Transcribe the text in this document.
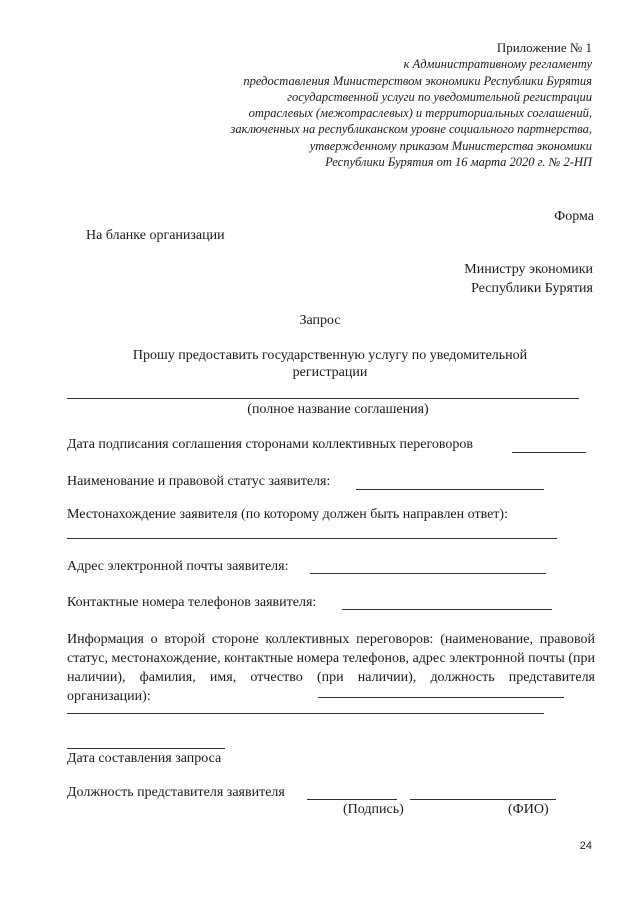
Приложение № 1
к Административному регламенту
предоставления Министерством экономики Республики Бурятия
государственной услуги по уведомительной регистрации
отраслевых (межотраслевых) и территориальных соглашений,
заключенных на республиканском уровне социального партнерства,
утвержденному приказом Министерства экономики
Республики Бурятия от 16 марта 2020 г. № 2-НП
Форма
На бланке организации
Министру экономики
Республики Бурятия
Запрос
Прошу предоставить государственную услугу по уведомительной регистрации
(полное название соглашения)
Дата подписания соглашения сторонами коллективных переговоров
Наименование и правовой статус заявителя:
Местонахождение заявителя (по которому должен быть направлен ответ):
Адрес электронной почты заявителя:
Контактные номера телефонов заявителя:
Информация о второй стороне коллективных переговоров: (наименование, правовой статус, местонахождение, контактные номера телефонов, адрес электронной почты (при наличии), фамилия, имя, отчество (при наличии), должность представителя организации):
Дата составления запроса
Должность представителя заявителя
(Подпись)	(ФИО)
24
